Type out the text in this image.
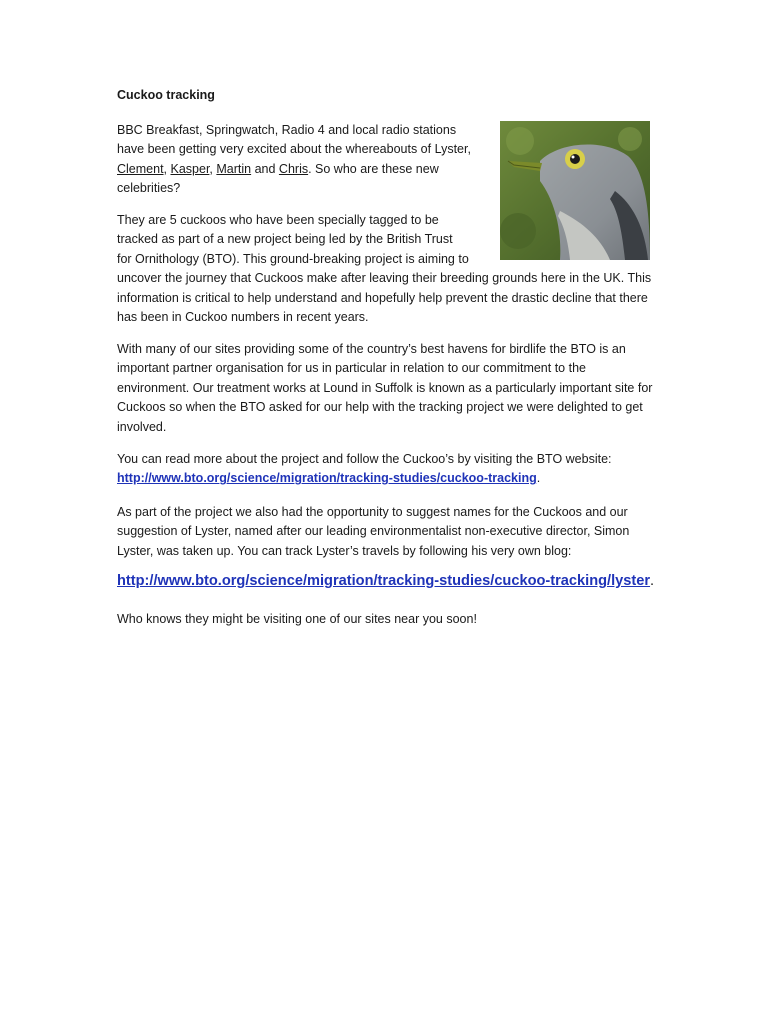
Cuckoo tracking

BBC Breakfast, Springwatch, Radio 4 and local radio stations have been getting very excited about the whereabouts of Lyster, Clement, Kasper, Martin and Chris. So who are these new celebrities?

They are 5 cuckoos who have been specially tagged to be
tracked as part of a new project being led by the British Trust
for Ornithology (BTO). This ground-breaking project is aiming to
uncover the journey that Cuckoos make after leaving their breeding grounds here in the UK. This information is critical to help understand and hopefully help prevent the drastic decline that there has been in Cuckoo numbers in recent years.

With many of our sites providing some of the country’s best havens for birdlife the BTO is an important partner organisation for us in particular in relation to our commitment to the environment. Our treatment works at Lound in Suffolk is known as a particularly important site for Cuckoos so when the BTO asked for our help with the tracking project we were delighted to get involved.

You can read more about the project and follow the Cuckoo’s by visiting the BTO website:
http://www.bto.org/science/migration/tracking-studies/cuckoo-tracking.

As part of the project we also had the opportunity to suggest names for the Cuckoos and our suggestion of Lyster, named after our leading environmentalist non-executive director, Simon Lyster, was taken up. You can track Lyster’s travels by following his very own blog:

http://www.bto.org/science/migration/tracking-studies/cuckoo-tracking/lyster.

Who knows they might be visiting one of our sites near you soon!
